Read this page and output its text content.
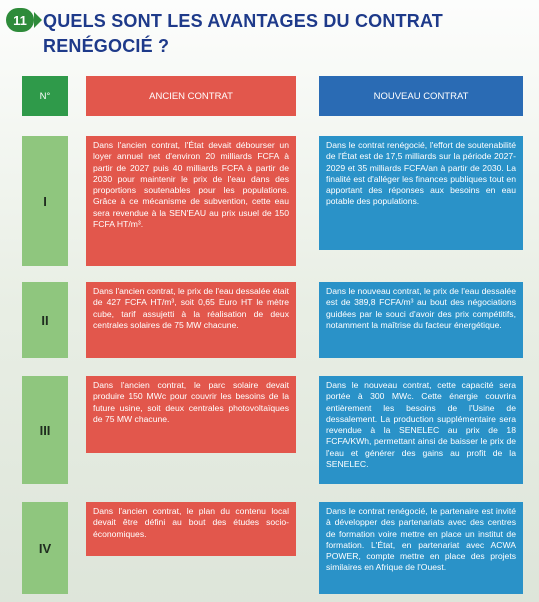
11 QUELS SONT LES AVANTAGES DU CONTRAT RENÉGOCIÉ ?
N°	ANCIEN CONTRAT	NOUVEAU CONTRAT
I
Dans l'ancien contrat, l'État devait débourser un loyer annuel net d'environ 20 milliards FCFA à partir de 2027 puis 40 milliards FCFA à partir de 2030 pour maintenir le prix de l'eau dans des proportions soutenables pour les populations. Grâce à ce mécanisme de subvention, cette eau sera revendue à la SEN'EAU au prix usuel de 150 FCFA HT/m³.
Dans le contrat renégocié, l'effort de soutenabilité de l'État est de 17,5 milliards sur la période 2027-2029 et 35 milliards FCFA/an à partir de 2030. La finalité est d'alléger les finances publiques tout en apportant des réponses aux besoins en eau potable des populations.
II
Dans l'ancien contrat, le prix de l'eau dessalée était de 427 FCFA HT/m³, soit 0,65 Euro HT le mètre cube, tarif assujetti à la réalisation de deux centrales solaires de 75 MW chacune.
Dans le nouveau contrat, le prix de l'eau dessalée est de 389,8 FCFA/m³ au bout des négociations guidées par le souci d'avoir des prix compétitifs, notamment la maîtrise du facteur énergétique.
III
Dans l'ancien contrat, le parc solaire devait produire 150 MWc pour couvrir les besoins de la future usine, soit deux centrales photovoltaïques de 75 MW chacune.
Dans le nouveau contrat, cette capacité sera portée à 300 MWc. Cette énergie couvrira entièrement les besoins de l'Usine de dessalement. La production supplémentaire sera revendue à la SENELEC au prix de 18 FCFA/KWh, permettant ainsi de baisser le prix de l'eau et générer des gains au profit de la SENELEC.
IV
Dans l'ancien contrat, le plan du contenu local devait être défini au bout des études socio-économiques.
Dans le contrat renégocié, le partenaire est invité à développer des partenariats avec des centres de formation voire mettre en place un institut de formation. L'État, en partenariat avec ACWA POWER, compte mettre en place des projets similaires en Afrique de l'Ouest.
